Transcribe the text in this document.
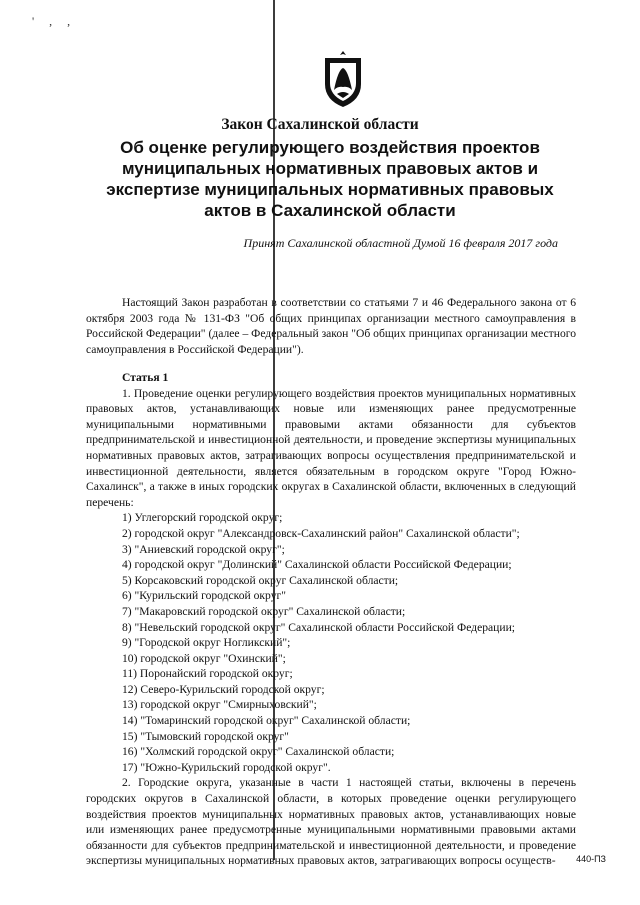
' , ,
Закон Сахалинской области
Об оценке регулирующего воздействия проектов муниципальных нормативных правовых актов и экспертизе муниципальных нормативных правовых актов в Сахалинской области
Принят Сахалинской областной Думой 16 февраля 2017 года

Настоящий Закон разработан в соответствии со статьями 7 и 46 Федерального закона от 6 октября 2003 года № 131-ФЗ "Об общих принципах организации местного самоуправления в Российской Федерации" (далее – Федеральный закон "Об общих принципах организации местного самоуправления в Российской Федерации").

Статья 1

1. Проведение оценки регулирующего воздействия проектов муниципальных нормативных правовых актов, устанавливающих новые или изменяющих ранее предусмотренные муниципальными нормативными правовыми актами обязанности для субъектов предпринимательской и инвестиционной деятельности, и проведение экспертизы муниципальных нормативных правовых актов, затрагивающих вопросы осуществления предпринимательской и инвестиционной деятельности, является обязательным в городском округе "Город Южно-Сахалинск", а также в иных городских округах в Сахалинской области, включенных в следующий перечень:

1) Углегорский городской округ;
2) городской округ "Александровск-Сахалинский район" Сахалинской области";
3) "Аниевский городской округ";
4) городской округ "Долинский" Сахалинской области Российской Федерации;
5) Корсаковский городской округ Сахалинской области;
6) "Курильский городской округ"
7) "Макаровский городской округ" Сахалинской области;
8) "Невельский городской округ" Сахалинской области Российской Федерации;
9) "Городской округ Ногликский";
10) городской округ "Охинский";
11) Поронайский городской округ;
12) Северо-Курильский городской округ;
13) городской округ "Смирныховский";
14) "Томаринский городской округ" Сахалинской области;
15) "Тымовский городской округ"
16) "Холмский городской округ" Сахалинской области;
17) "Южно-Курильский городской округ".

2. Городские округа, указанные в части 1 настоящей статьи, включены в перечень городских округов в Сахалинской области, в которых проведение оценки регулирующего воздействия проектов муниципальных нормативных правовых актов, устанавливающих новые или изменяющих ранее предусмотренные муниципальными нормативными правовыми актами обязанности для субъектов предпринимательской и инвестиционной деятельности, и проведение экспертизы муниципальных нормативных правовых актов, затрагивающих вопросы осуществ-	440-ПЗ
